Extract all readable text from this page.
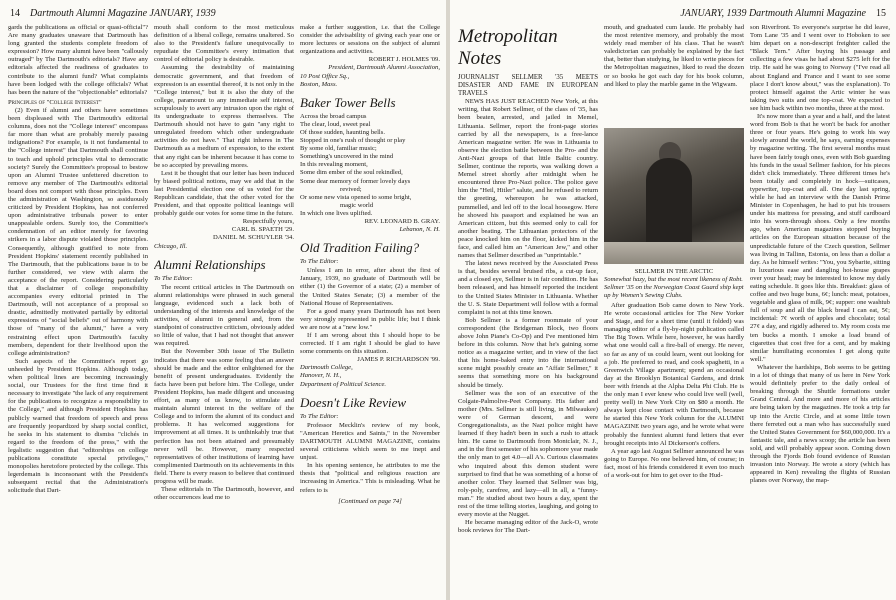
14 Dartmouth Alumni Magazine JANUARY, 1939

gards the publications as official or quasi-official"? Are many graduates unaware that Dartmouth has long granted the students complete freedom of expression? How many alumni have been "callously outraged" by The Dartmouth's editorials? Have any editorials affected the readiness of graduates to contribute to the alumni fund? What complaints have been lodged with the college officials? What has been the nature of the "objectionable" editorials?

Principles of "College Interest"

(2) Even if alumni and others have sometimes been displeased with The Dartmouth's editorial columns, does not the "College interest" encompass far more than what are probably merely passing indignations? For example, is it not fundamental to the "College interest" that Dartmouth shall continue to teach and uphold principles vital to democratic society? Surely the Committee's proposal to bestow upon an Alumni Trustee unfettered discretion to remove any member of The Dartmouth's editorial board does not comport with those principles. Even the administration at Washington, so assiduously criticized by President Hopkins, has not conferred upon administrative tribunals power to enter unappealable orders. Surely too, the Committee's condemnation of an editor merely for favoring strikers in a labor dispute violated those principles. Consequently, although gratified to note from President Hopkins' statement recently published in The Dartmouth, that the publications issue is to be further considered, we view with alarm the acceptance of the report. Considering particularly that a disclaimer of college responsibility accompanies every editorial printed in The Dartmouth, will not acceptance of a proposal so drastic, admittedly motivated partially by editorial expressions of "social beliefs" out of harmony with those of "many of the alumni," have a very restraining effect upon Dartmouth's faculty members, dependent for their livelihood upon the college administration?

Such aspects of the Committee's report go unheeded by President Hopkins. Although today, when political lines are becoming increasingly social, our Trustees for the first time find it necessary to investigate "the lack of any requirement for the publications to recognize a responsibility to the College," and although President Hopkins has publicly warned that freedom of speech and press are frequently jeopardized by sharp social conflict, he seeks in his statement to dismiss "clichés in regard to the freedom of the press," with the legalistic suggestion that "editorships on college publications constitute special privileges," monopolies heretofore protected by the college. This legerdemain is inconsonant with the President's subsequent recital that the Administration's solicitude that Dart-

mouth shall conform to the most meticulous definition of a liberal college, remains unaltered. So also to the President's failure unequivocally to repudiate the Committee's every intimation that control of editorial policy is desirable.

Assuming the desirability of maintaining democratic government, and that freedom of expression is an essential thereof, it is not only in the "College interest," but it is also the duty of the college, paramount to any immediate self interest, scrupulously to avert any intrusion upon the right of its undergraduate to express themselves. The Dartmouth should not have to gain "any right to unregulated freedom which other undergraduate activities do not have." That right inheres in The Dartmouth as a medium of expression, to the extent that any right can be inherent because it has come to be so accepted by prevailing mores.

Lest it be thought that our letter has been induced by biased political notions, may we add that in the last Presidential election one of us voted for the Republican candidate, that the other voted for the President, and that opposite political leanings will probably guide our votes for some time in the future.

Respectfully yours,

CARL B. SPAETH '29.

DANIEL M. SCHUYLER '34.

Chicago, Ill.

Alumni Relationships

To The Editor:

The recent critical articles in The Dartmouth on alumni relationships were phrased in such general language, evidenced such a lack both of understanding of the interests and knowledge of the activities, of alumni in general and, from the standpoint of constructive criticism, obviously added so little of value, that I had not thought that answer was required.

But the November 30th issue of The Bulletin indicates that there was some feeling that an answer should be made and the editor enlightened for the benefit of present undergraduates. Evidently the facts have been put before him. The College, under President Hopkins, has made diligent and unceasing effort, as many of us know, to stimulate and maintain alumni interest in the welfare of the College and to inform the alumni of its conduct and problems. It has welcomed suggestions for improvement at all times. It is unthinkably true that perfection has not been attained and presumably never will be. However, many respected representatives of other institutions of learning have complimented Dartmouth on its achievements in this field. There is every reason to believe that continued progress will be made.

These editorials in The Dartmouth, however, and other occurrences lead me to

make a further suggestion, i.e. that the College consider the advisability of giving each year one or more lectures or sessions on the subject of alumni organizations and activities.

ROBERT J. HOLMES '09.

President, Dartmouth Alumni Association,

10 Post Office Sq.,

Boston, Mass.

Baker Tower Bells

Across the broad campus
The clear, loud, sweet peal
Of those sudden, haunting bells.
Stopped in one's rush of thought or play
By some old, familiar music;
Something's uncovered in the mind
In this revealing moment,
Some dim ember of the soul rekindled,
Some dear memory of former lovely days
revived;
Or some new vista opened to some bright,
magic world
In which one lives uplifted.

REV. LEONARD B. GRAY.

Lebanon, N. H.

Old Tradition Failing?

To The Editor:

Unless I am in error, after about the first of January, 1939, no graduate of Dartmouth will be either (1) the Governor of a state; (2) a member of the United States Senate; (3) a member of the National House of Representatives.

For a good many years Dartmouth has not been very strongly represented in public life; but I think we are now at a "new low."

If I am wrong about this I should hope to be corrected. If I am right I should be glad to have some comments on this situation.

JAMES P. RICHARDSON '99.

Dartmouth College,

Hanover, N. H.,

Department of Political Science.

Doesn't Like Review

To The Editor:

Professor Mecklin's review of my book, "American Heretics and Saints," in the November DARTMOUTH ALUMNI MAGAZINE, contains several criticisms which seem to me inept and unjust.

In his opening sentence, he attributes to me the thesis that "political and religious reaction are increasing in America." This is misleading. What he refers to is

[Continued on page 74]

JANUARY, 1939 Dartmouth Alumni Magazine 15
Metropolitan Notes

JOURNALIST SELLMER '35 MEETS DISASTER AND FAME IN EUROPEAN TRAVELS

NEWS HAS JUST REACHED New York, at this writing, that Robert Sellmer, of the class of '35, has been beaten, arrested, and jailed in Memel, Lithuania. Sellmer, report the front-page stories carried by all the newspapers, is a free-lance American magazine writer. He was in Lithuania to observe the election battle between the Pro- and the Anti-Nazi groups of that little Baltic country. Sellmer, continue the reports, was walking down a Memel street shortly after midnight when he encountered three Pro-Nazi police. The police gave him the "Heil, Hitler" salute, and he refused to return the greeting, whereupon he was attacked, pummelled, and led off to the local hoosegow. Here he showed his passport and explained he was an American citizen, but this seemed only to call for another beating. The Lithuanian protectors of the peace knocked him on the floor, kicked him in the face, and called him an "American Jew," and other names that Sellmer described as "unprintable."

The latest news received by the Associated Press is that, besides several bruised ribs, a cut-up face, and a closed eye, Sellmer is in fair condition. He has been released, and has himself reported the incident to the United States Minister in Lithuania. Whether the U. S. State Department will follow with a formal complaint is not at this time known.

Bob Sellmer is a former roommate of your correspondent (the Bridgeman Block, two floors above John Piane's Co-Op) and I've mentioned him before in this column. Now that he's gaining some notice as a magazine writer, and in view of the fact that his home-baked entry into the international scene might possibly create an "Affair Sellmer," it seems that something more on his background should be timely.

Sellmer was the son of an executive of the Colgate-Palmolive-Peet Company. His father and mother (Mrs. Sellmer is still living, in Milwaukee) were of German descent, and were Congregationalists, as the Nazi police might have learned if they hadn't been in such a rush to attack him. He came to Dartmouth from Montclair, N. J., and in the first semester of his sophomore year made the only man to get 4.0—all A's. Curious classmates who inquired about this demon student were surprised to find that he was something of a horse of another color. They learned that Sellmer was big, roly-poly, carefree, and lazy—all in all, a "funny-man." He studied about two hours a day, spent the rest of the time telling stories, laughing, and going to every movie at the Nugget.

He became managing editor of the Jack-O, wrote book reviews for The Dart-

mouth, and graduated cum laude. He probably had the most retentive memory, and probably the most widely read member of his class. That he wasn't valedictorian can probably be explained by the fact that, better than studying, he liked to write pieces for the Metropolitan magazines, liked to read the dozen or so books he got each day for his book column, and liked to play the marble game in the Wigwam.

SELLMER IN THE ARCTIC
Somewhat hazy, but the most recent likeness of Robt. Sellmer '35 on the Norwegian Coast Guard ship kept up by Women's Sewing Clubs.

After graduation Bob came down to New York. He wrote occasional articles for The New Yorker and Stage, and for a short time (until it folded) was managing editor of a fly-by-night publication called The Big Town. While here, however, he was hardly what one would call a fire-ball of energy. He never, so far as any of us could learn, went out looking for a job. He preferred to read, and cook spaghetti, in a Greenwich Village apartment; spend an occasional day at the Brooklyn Botanical Gardens, and drink beer with friends at the Alpha Delta Phi Club. He is the only man I ever knew who could live well (well, pretty well) in New York City on $80 a month. He always kept close contact with Dartmouth, because he started this New York column for the ALUMNI MAGAZINE two years ago, and he wrote what were probably the funniest alumni fund letters that ever brought receipts into Al Dickerson's coffers.

A year ago last August Sellmer announced he was going to Europe. No one believed him, of course; in fact, most of his friends considered it even too much of a work-out for him to get over to the Hud-

son Riverfront. To everyone's surprise he did leave, Tom Lane '35 and I went over to Hoboken to see him depart on a non-descript freighter called the "Black Tern." After buying his passage and collecting a few visas he had about $275 left for the trip. He said he was going to Norway ("I've read all about England and France and I want to see some place I don't know about," was the explanation). To protect himself against the Artic winter he was taking two suits and one top-coat. We expected to see him back within two months, three at the most.

It's now more than a year and a half, and the latest word from Bob is that he won't be back for another three or four years. He's going to work his way slowly around the world, he says, earning expenses by magazine writing. The first several months must have been fairly tough ones, even with Bob guarding his funds in the usual Sellmer fashion, for his pieces didn't click immediately. Three different times he's been totally and completely in hock—suitcases, typewriter, top-coat and all. One day last spring, while he had an interview with the Danish Prime Minister in Copenhagen, he had to put his trousers under his mattress for pressing, and stuff cardboard into his worn-through shoes. Only a few months ago, when American magazines stopped buying articles on the European situation because of the unpredictable future of the Czech question, Sellmer was living in Tallinn, Estonia, on less than a dollar a day. As he himself writes: "You, you Sybarite, sitting in luxurious ease and dangling hot-house grapes over your head; may be interested to know my daily eating schedule. It goes like this. Breakfast: glass of coffee and two huge buns, 6¢; lunch: meat, potatoes, vegetable and glass of milk, 9¢; supper: one washtub full of soup and all the black bread I can eat, 5¢; incidental: 7¢ worth of apples and chocolate; total 27¢ a day, and rigidly adhered to. My room costs me ten bucks a month. I smoke a load brand of cigarettes that cost five for a cent, and by making similar humiliating economies I get along quite well."

Whatever the hardships, Bob seems to be getting in a lot of things that many of us here in New York would definitely prefer to the daily ordeal of breaking through the Shuttle formations under Grand Central. And more and more of his articles are being taken by the magazines. He took a trip far up into the Arctic Circle, and at some little town there ferreted out a man who has successfully sued the United States Government for $60,000,000. It's a fantastic tale, and a news scoop; the article has been sold, and will probably appear soon. Coming down through the Fjords Bob found evidence of Russian invasion into Norway. He wrote a story (which has appeared in Ken) revealing the flights of Russian planes over Norway, the map-
